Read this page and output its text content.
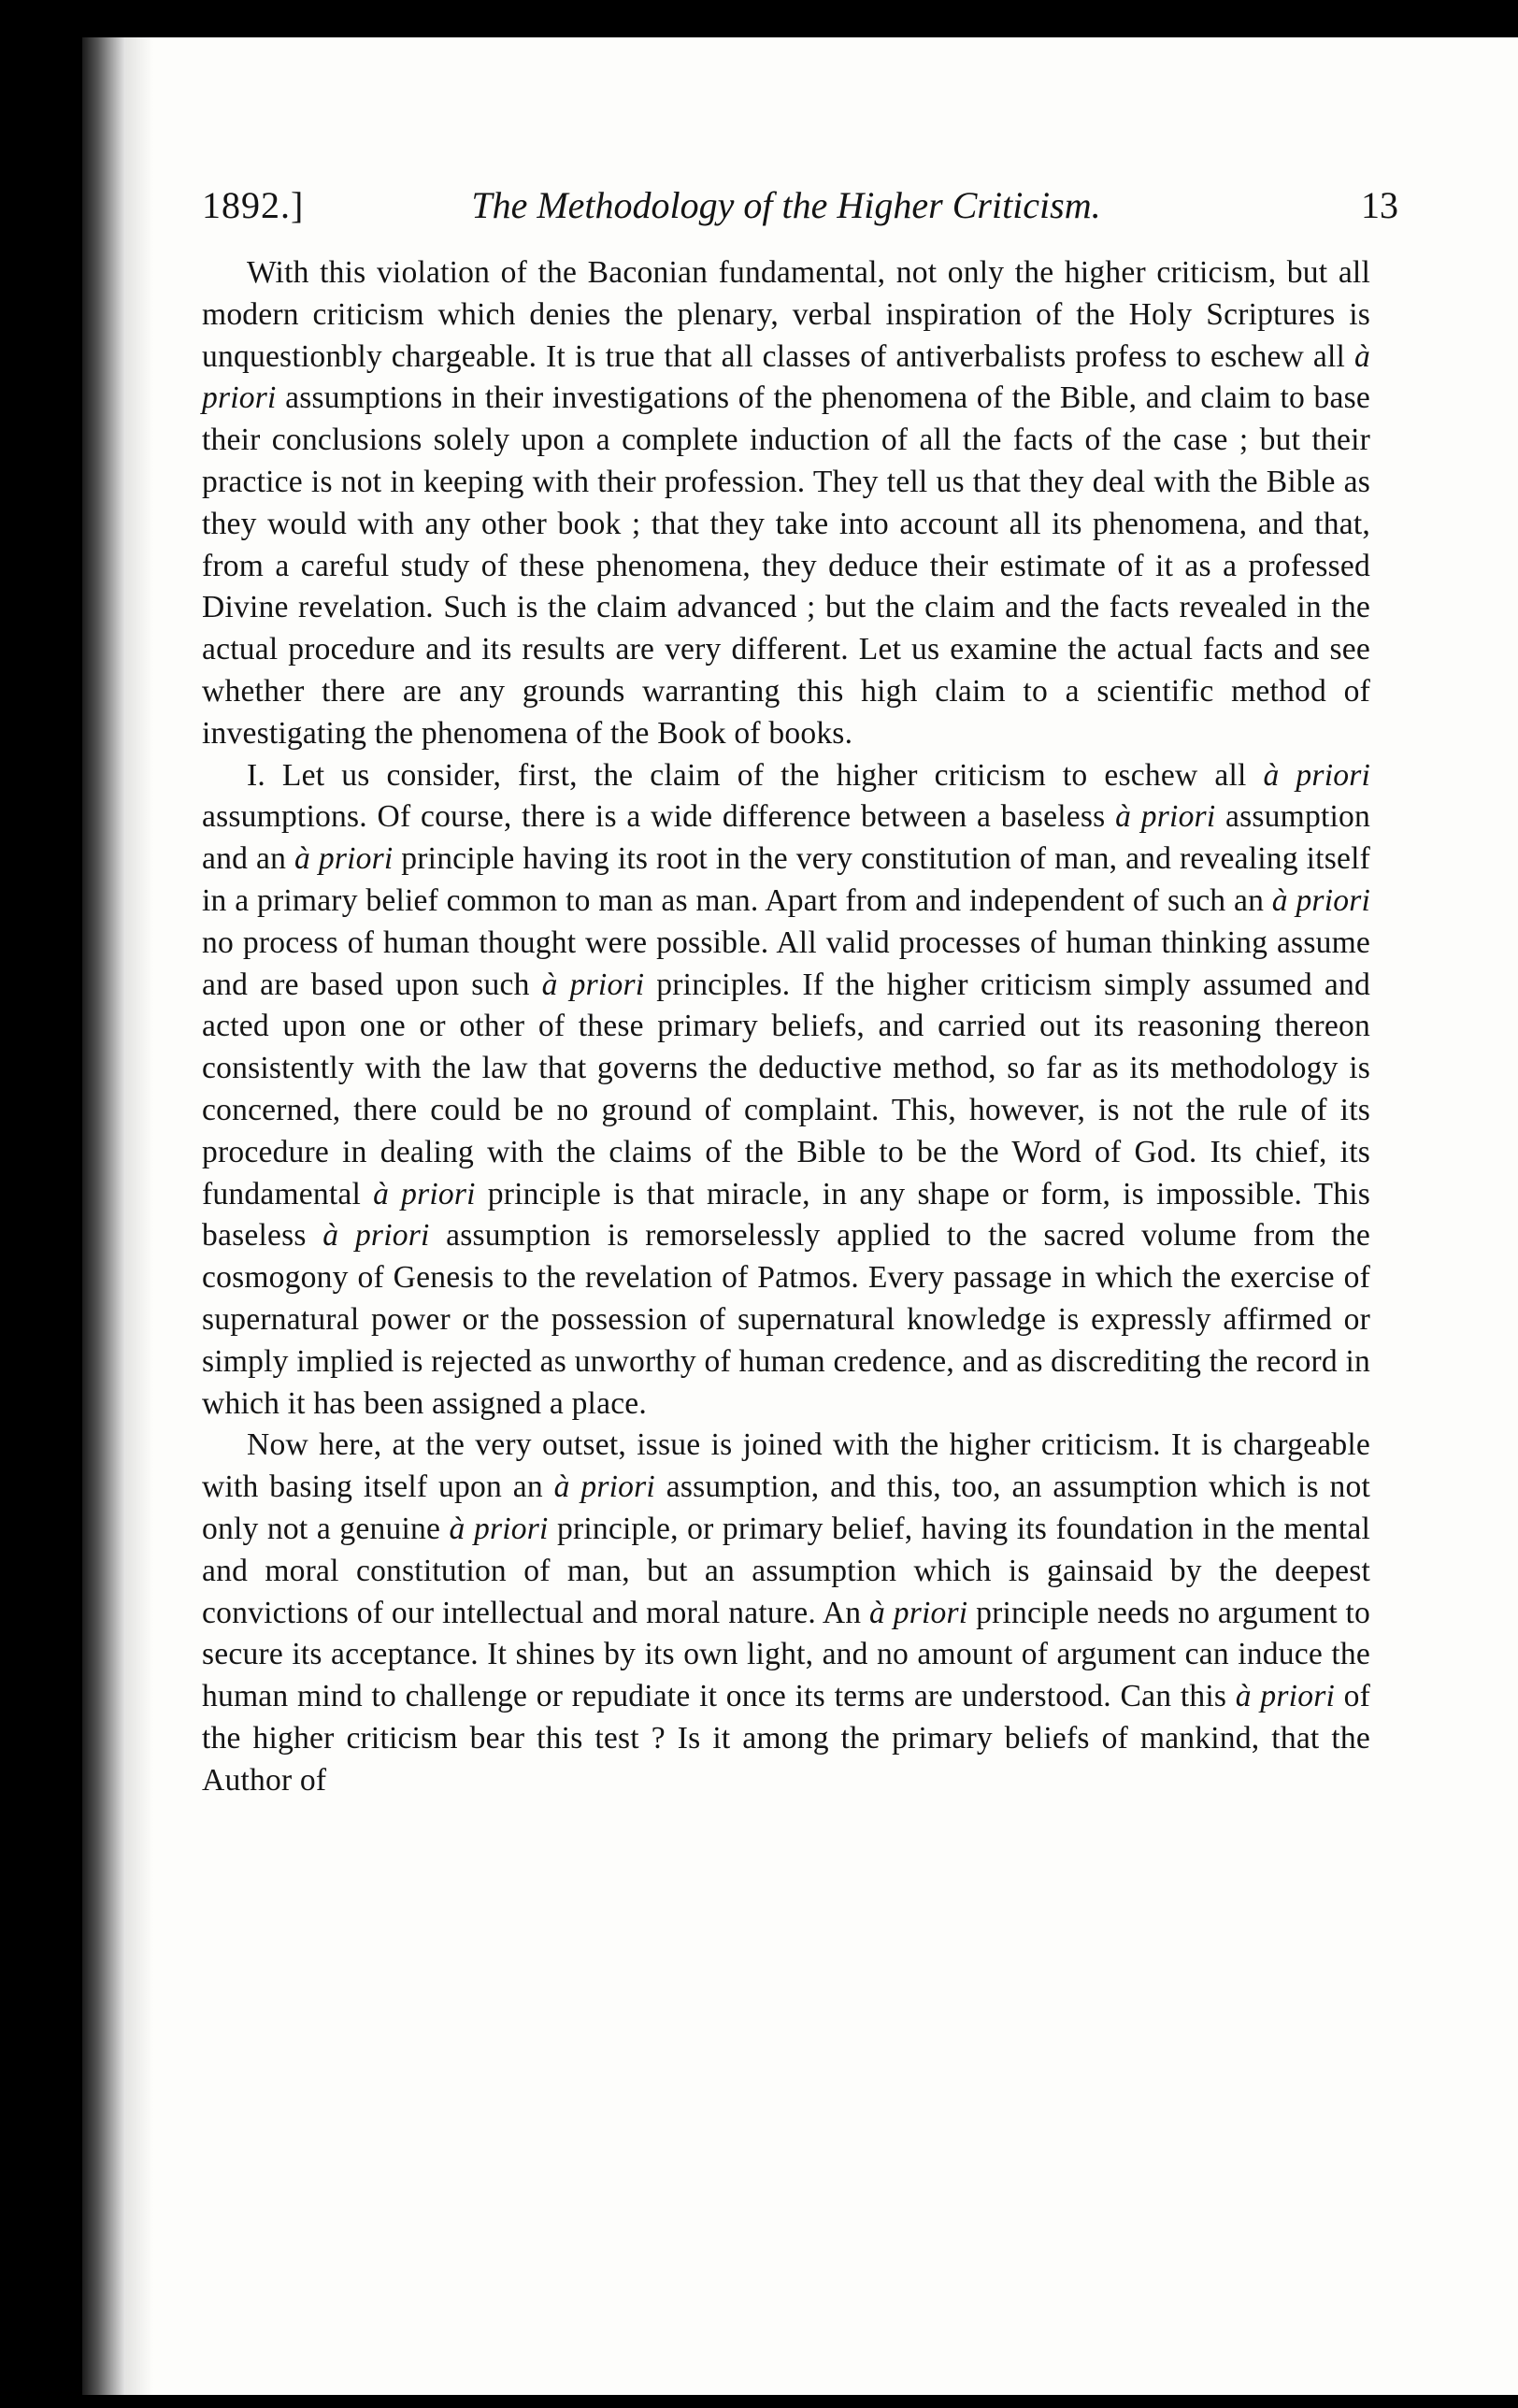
1892.]	The Methodology of the Higher Criticism.	13

With this violation of the Baconian fundamental, not only the higher criticism, but all modern criticism which denies the plenary, verbal inspiration of the Holy Scriptures is unquestionbly chargeable. It is true that all classes of antiverbalists profess to eschew all à priori assumptions in their investigations of the phenomena of the Bible, and claim to base their conclusions solely upon a complete induction of all the facts of the case ; but their practice is not in keeping with their profession. They tell us that they deal with the Bible as they would with any other book ; that they take into account all its phenomena, and that, from a careful study of these phenomena, they deduce their estimate of it as a professed Divine revelation. Such is the claim advanced ; but the claim and the facts revealed in the actual procedure and its results are very different. Let us examine the actual facts and see whether there are any grounds warranting this high claim to a scientific method of investigating the phenomena of the Book of books.

I. Let us consider, first, the claim of the higher criticism to eschew all à priori assumptions. Of course, there is a wide difference between a baseless à priori assumption and an à priori principle having its root in the very constitution of man, and revealing itself in a primary belief common to man as man. Apart from and independent of such an à priori no process of human thought were possible. All valid processes of human thinking assume and are based upon such à priori principles. If the higher criticism simply assumed and acted upon one or other of these primary beliefs, and carried out its reasoning thereon consistently with the law that governs the deductive method, so far as its methodology is concerned, there could be no ground of complaint. This, however, is not the rule of its procedure in dealing with the claims of the Bible to be the Word of God. Its chief, its fundamental à priori principle is that miracle, in any shape or form, is impossible. This baseless à priori assumption is remorselessly applied to the sacred volume from the cosmogony of Genesis to the revelation of Patmos. Every passage in which the exercise of supernatural power or the possession of supernatural knowledge is expressly affirmed or simply implied is rejected as unworthy of human credence, and as discrediting the record in which it has been assigned a place.

Now here, at the very outset, issue is joined with the higher criticism. It is chargeable with basing itself upon an à priori assumption, and this, too, an assumption which is not only not a genuine à priori principle, or primary belief, having its foundation in the mental and moral constitution of man, but an assumption which is gainsaid by the deepest convictions of our intellectual and moral nature. An à priori principle needs no argument to secure its acceptance. It shines by its own light, and no amount of argument can induce the human mind to challenge or repudiate it once its terms are understood. Can this à priori of the higher criticism bear this test ? Is it among the primary beliefs of mankind, that the Author of
